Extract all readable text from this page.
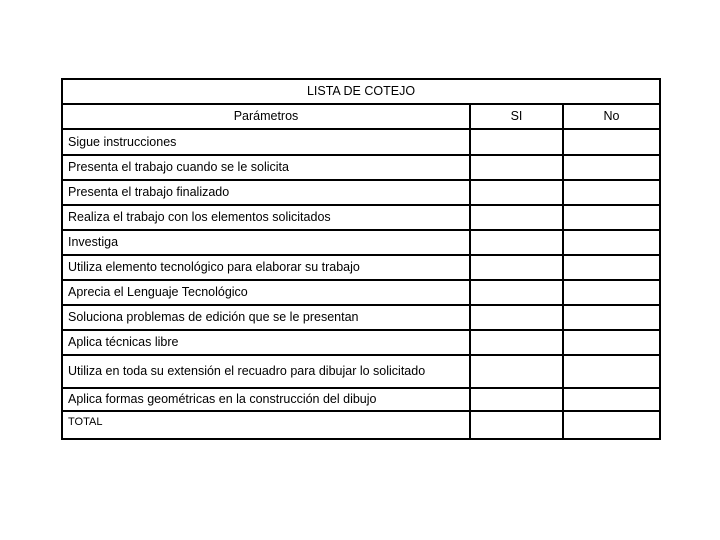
LISTA DE COTEJO		
Parámetros	SI	No
Sigue instrucciones		
Presenta el trabajo cuando se le solicita		
Presenta el trabajo finalizado		
Realiza el trabajo con los elementos solicitados		
Investiga		
Utiliza elemento tecnológico para elaborar su trabajo		
Aprecia el Lenguaje Tecnológico		
Soluciona problemas de edición que se le presentan		
Aplica técnicas libre		
Utiliza en toda su extensión el recuadro para dibujar lo solicitado		
Aplica formas geométricas en la construcción del dibujo		
TOTAL		
